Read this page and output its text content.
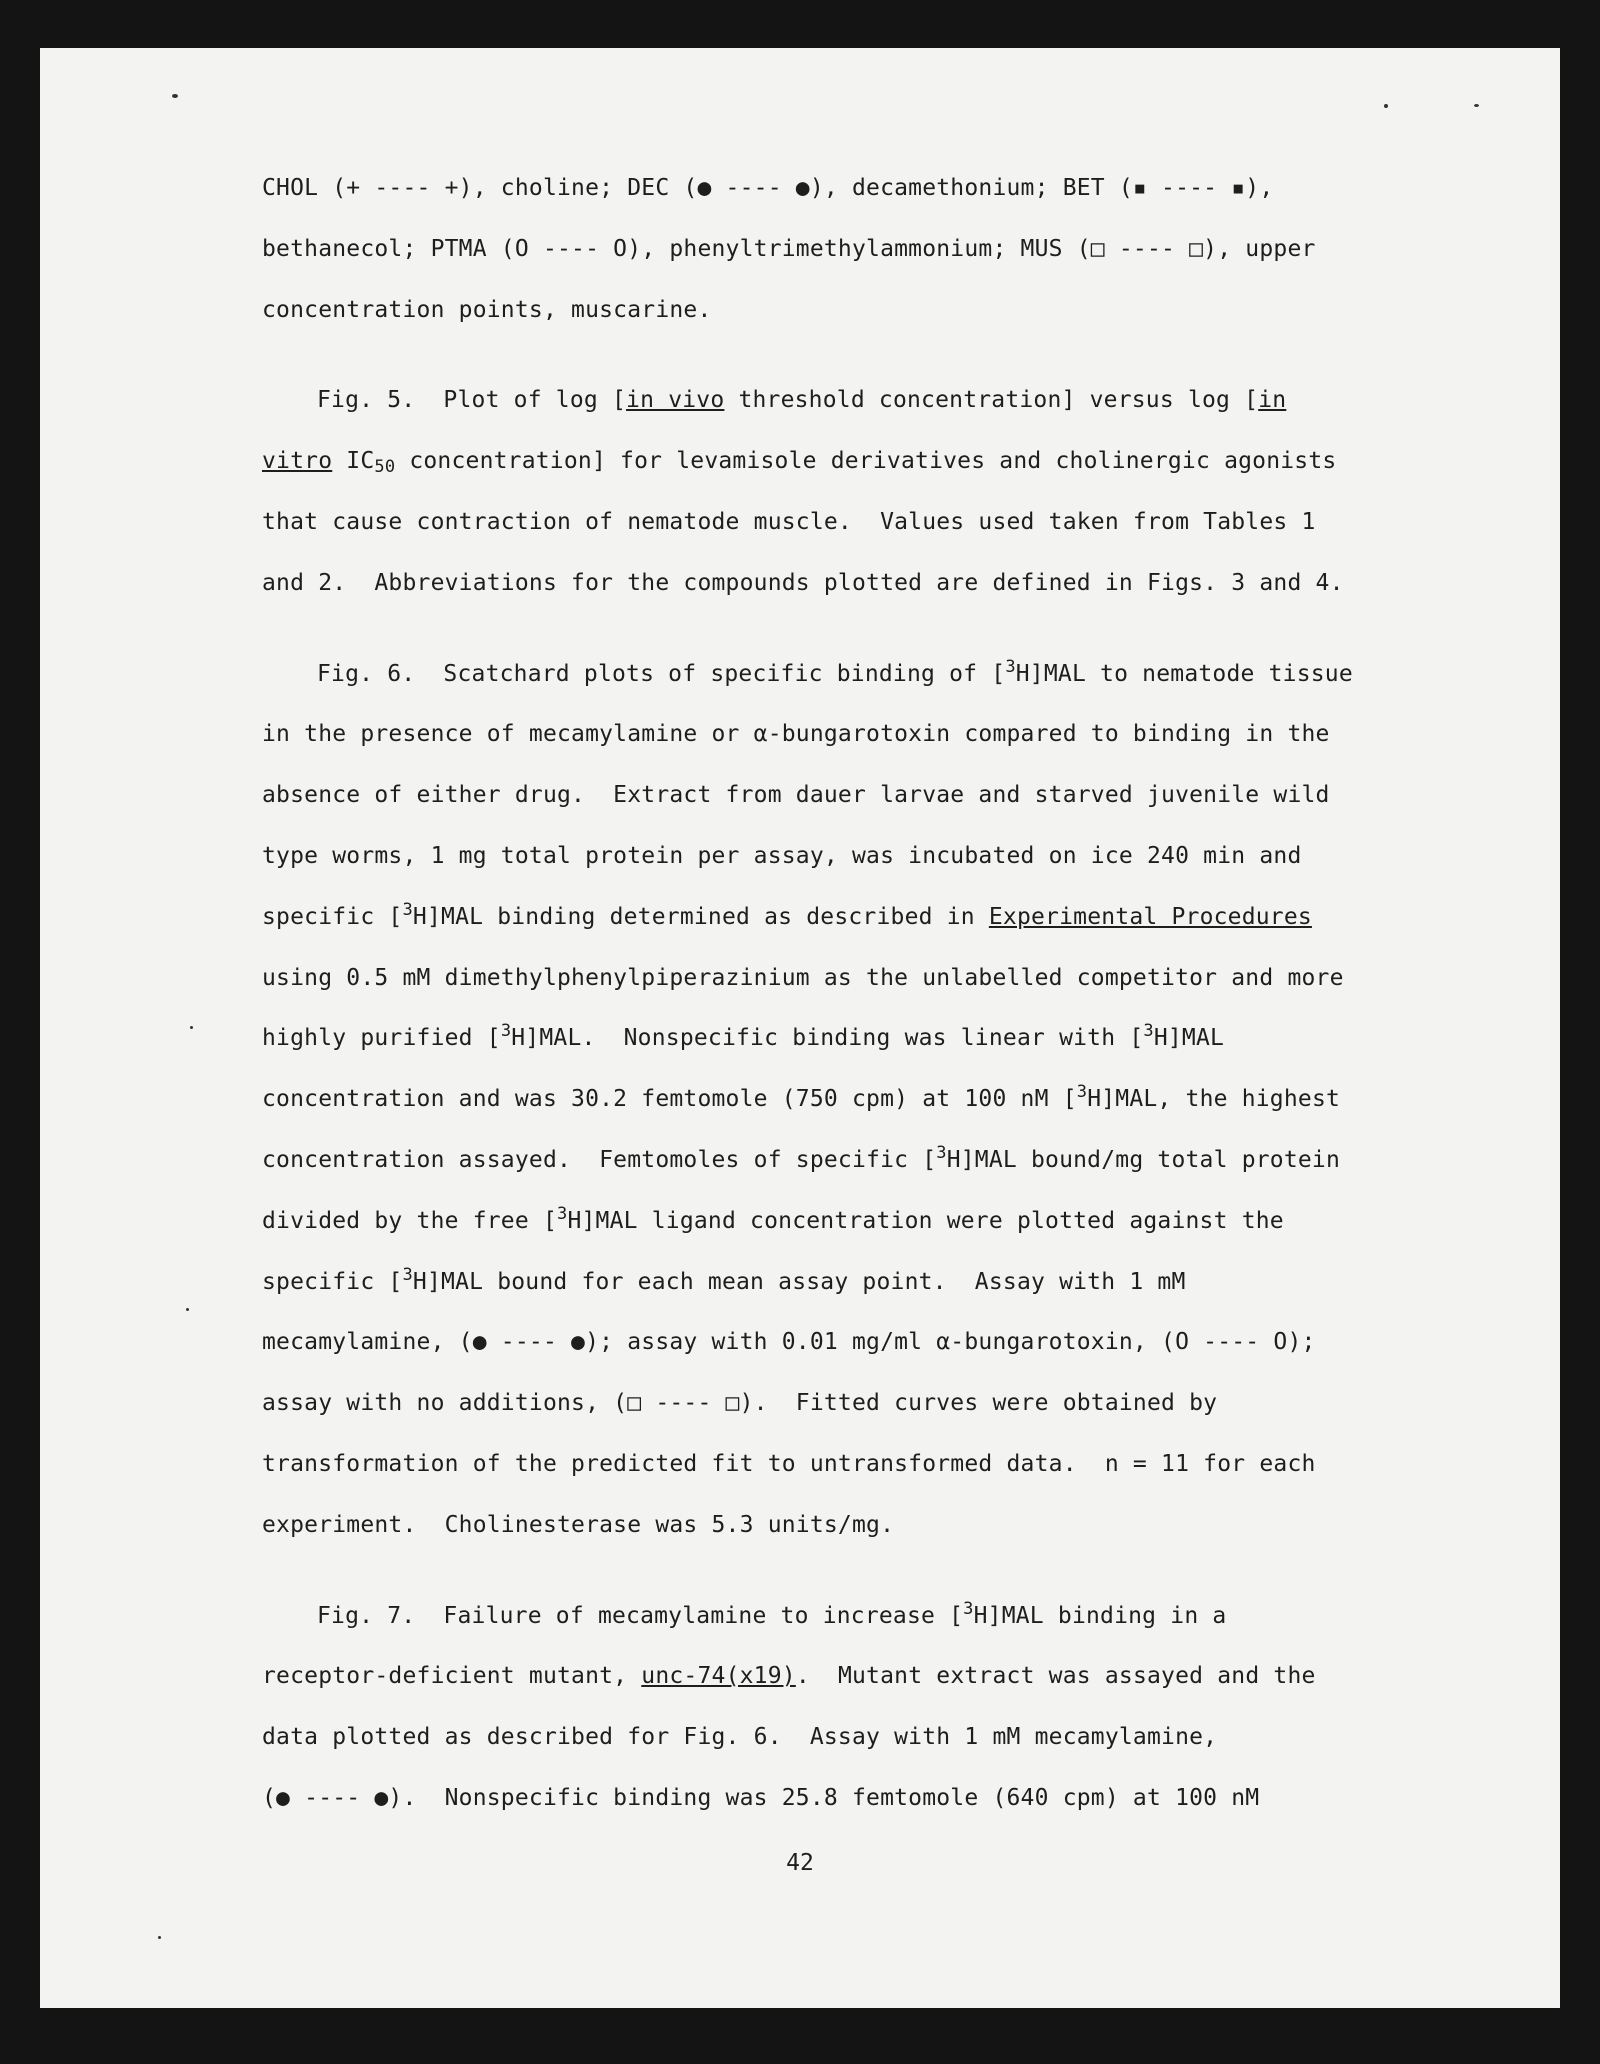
CHOL (+ ---- +), choline; DEC (● ---- ●), decamethonium; BET (▪ ---- ▪),
bethanecol; PTMA (O ---- O), phenyltrimethylammonium; MUS (□ ---- □), upper
concentration points, muscarine.
Fig. 5.  Plot of log [in vivo threshold concentration] versus log [in
vitro $IC_{50}$ concentration] for levamisole derivatives and cholinergic agonists
that cause contraction of nematode muscle.  Values used taken from Tables 1
and 2.  Abbreviations for the compounds plotted are defined in Figs. 3 and 4.
Fig. 6.  Scatchard plots of specific binding of [$^3$H]MAL to nematode tissue
in the presence of mecamylamine or α-bungarotoxin compared to binding in the
absence of either drug.  Extract from dauer larvae and starved juvenile wild
type worms, 1 mg total protein per assay, was incubated on ice 240 min and
specific [$^3$H]MAL binding determined as described in Experimental Procedures
using 0.5 mM dimethylphenylpiperazinium as the unlabelled competitor and more
highly purified [$^3$H]MAL.  Nonspecific binding was linear with [$^3$H]MAL
concentration and was 30.2 femtomole (750 cpm) at 100 nM [$^3$H]MAL, the highest
concentration assayed.  Femtomoles of specific [$^3$H]MAL bound/mg total protein
divided by the free [$^3$H]MAL ligand concentration were plotted against the
specific [$^3$H]MAL bound for each mean assay point.  Assay with 1 mM
mecamylamine, (● ---- ●); assay with 0.01 mg/ml α-bungarotoxin, (O ---- O);
assay with no additions, (□ ---- □).  Fitted curves were obtained by
transformation of the predicted fit to untransformed data.  n = 11 for each
experiment.  Cholinesterase was 5.3 units/mg.
Fig. 7.  Failure of mecamylamine to increase [$^3$H]MAL binding in a
receptor-deficient mutant, unc-74(x19).  Mutant extract was assayed and the
data plotted as described for Fig. 6.  Assay with 1 mM mecamylamine,
(● ---- ●).  Nonspecific binding was 25.8 femtomole (640 cpm) at 100 nM
42
